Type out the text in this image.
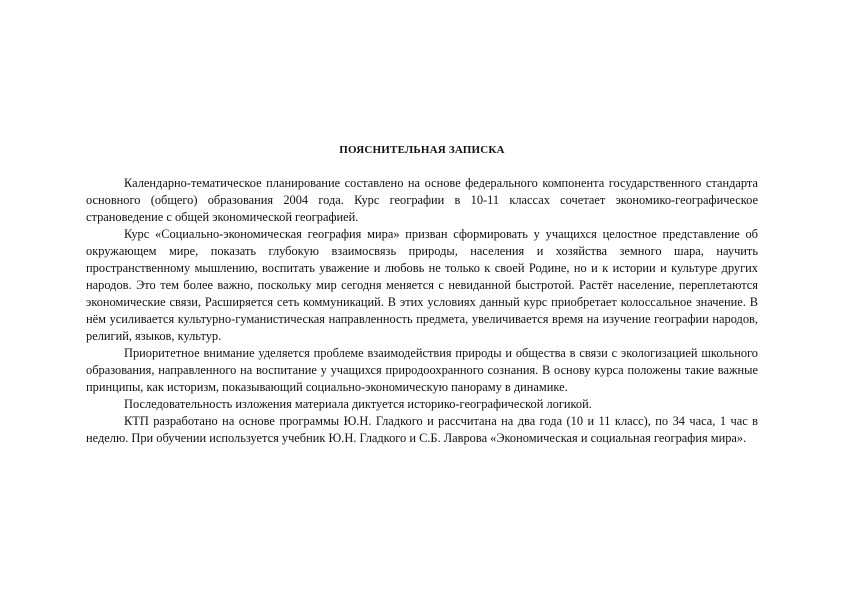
ПОЯСНИТЕЛЬНАЯ ЗАПИСКА

Календарно-тематическое планирование составлено на основе федерального компонента государственного стандарта основного (общего) образования 2004 года. Курс географии в 10-11 классах сочетает экономико-географическое страноведение с общей экономической географией.

Курс «Социально-экономическая география мира» призван сформировать у учащихся целостное представление об окружающем мире, показать глубокую взаимосвязь природы, населения и хозяйства земного шара, научить пространственному мышлению, воспитать уважение и любовь не только к своей Родине, но и к истории и культуре других народов. Это тем более важно, поскольку мир сегодня меняется с невиданной быстротой. Растёт население, переплетаются экономические связи, Расширяется сеть коммуникаций. В этих условиях данный курс приобретает колоссальное значение. В нём усиливается культурно-гуманистическая направленность предмета, увеличивается время на изучение географии народов, религий, языков, культур.

Приоритетное внимание уделяется проблеме взаимодействия природы и общества в связи с экологизацией школьного образования, направленного на воспитание у учащихся природоохранного сознания. В основу курса положены такие важные принципы, как историзм, показывающий социально-экономическую панораму в динамике.

Последовательность изложения материала диктуется историко-географической логикой.

КТП разработано на основе программы Ю.Н. Гладкого и рассчитана на два года (10 и 11 класс), по 34 часа, 1 час в неделю. При обучении используется учебник Ю.Н. Гладкого и С.Б. Лаврова «Экономическая и социальная география мира».
